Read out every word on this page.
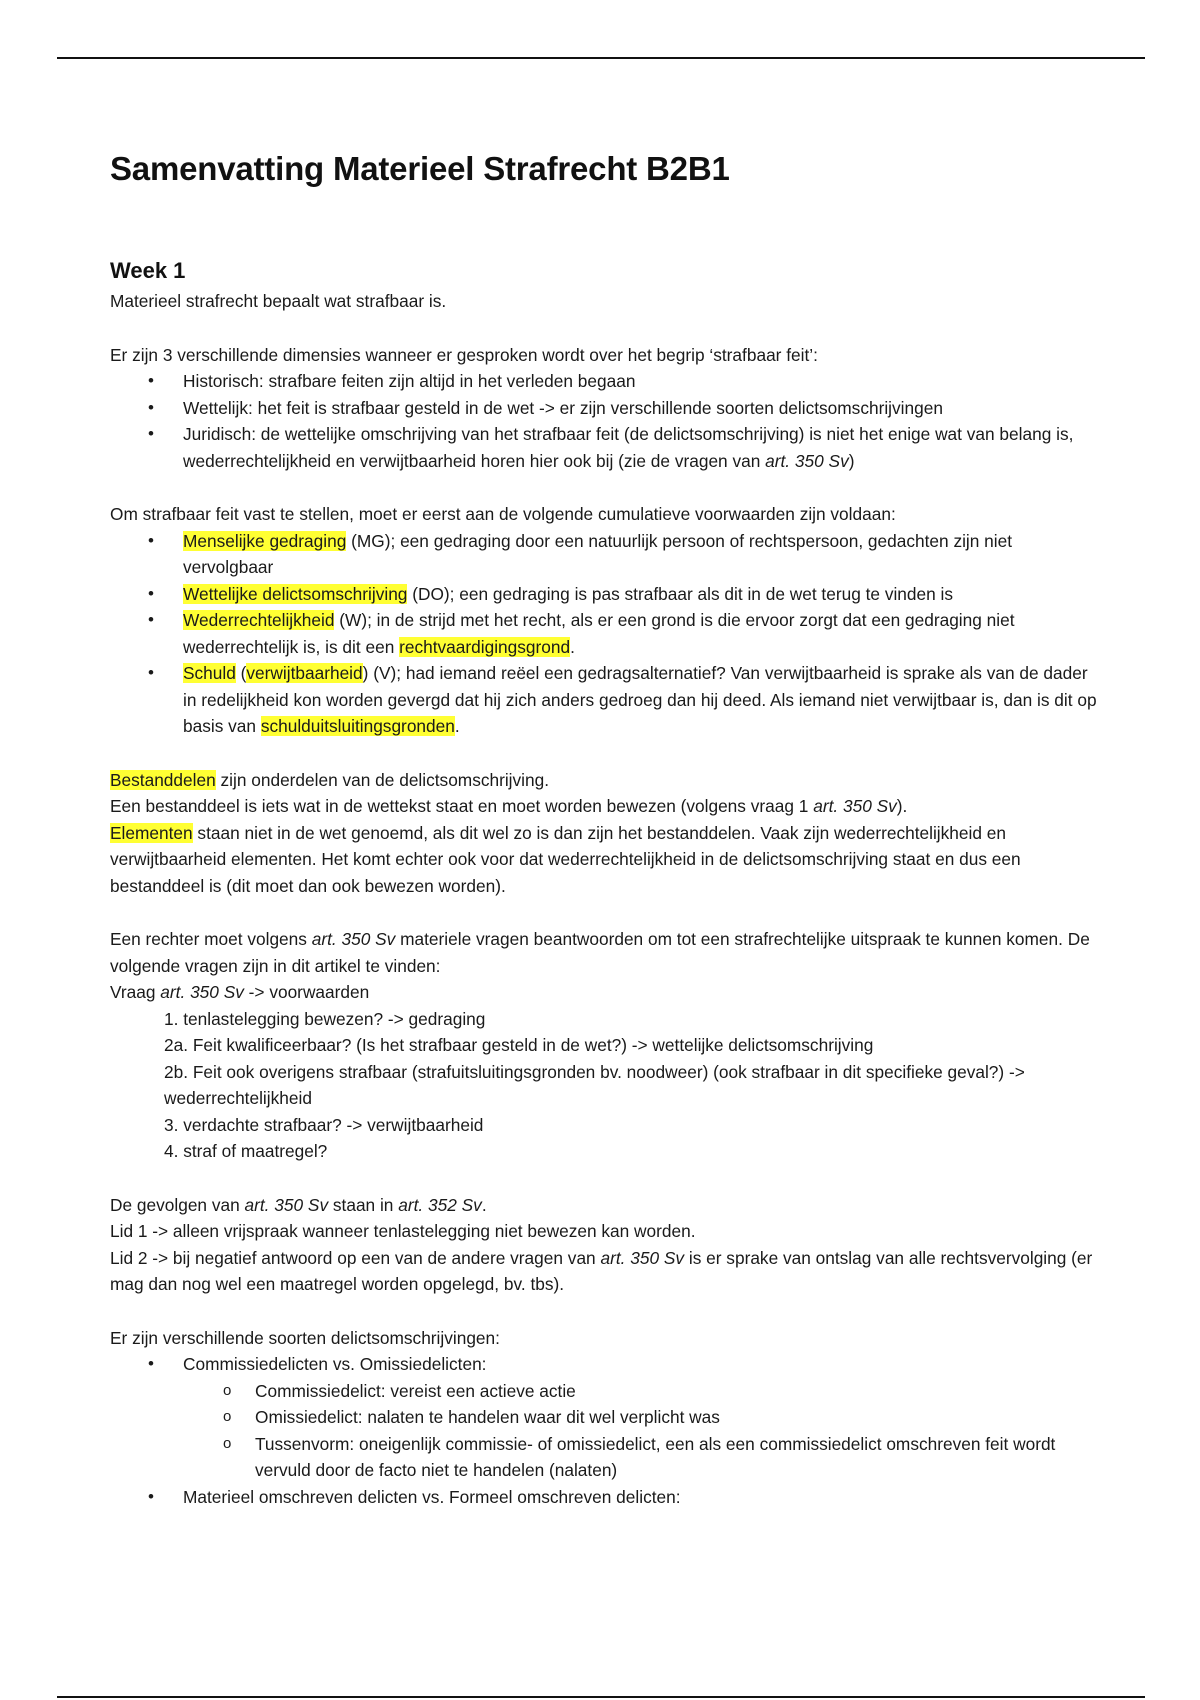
Samenvatting Materieel Strafrecht B2B1
Week 1

Materieel strafrecht bepaalt wat strafbaar is.

Er zijn 3 verschillende dimensies wanneer er gesproken wordt over het begrip ‘strafbaar feit’:

• Historisch: strafbare feiten zijn altijd in het verleden begaan
• Wettelijk: het feit is strafbaar gesteld in de wet -> er zijn verschillende soorten delictsomschrijvingen
• Juridisch: de wettelijke omschrijving van het strafbaar feit (de delictsomschrijving) is niet het enige wat van belang is, wederrechtelijkheid en verwijtbaarheid horen hier ook bij (zie de vragen van art. 350 Sv)

Om strafbaar feit vast te stellen, moet er eerst aan de volgende cumulatieve voorwaarden zijn voldaan:

• Menselijke gedraging (MG); een gedraging door een natuurlijk persoon of rechtspersoon, gedachten zijn niet vervolgbaar
• Wettelijke delictsomschrijving (DO); een gedraging is pas strafbaar als dit in de wet terug te vinden is
• Wederrechtelijkheid (W); in de strijd met het recht, als er een grond is die ervoor zorgt dat een gedraging niet wederrechtelijk is, is dit een rechtvaardigingsgrond.
• Schuld (verwijtbaarheid) (V); had iemand reëel een gedragsalternatief? Van verwijtbaarheid is sprake als van de dader in redelijkheid kon worden gevergd dat hij zich anders gedroeg dan hij deed. Als iemand niet verwijtbaar is, dan is dit op basis van schulduitsluitingsgronden.

Bestanddelen zijn onderdelen van de delictsomschrijving.

Een bestanddeel is iets wat in de wettekst staat en moet worden bewezen (volgens vraag 1 art. 350 Sv).

Elementen staan niet in de wet genoemd, als dit wel zo is dan zijn het bestanddelen. Vaak zijn wederrechtelijkheid en verwijtbaarheid elementen. Het komt echter ook voor dat wederrechtelijkheid in de delictsomschrijving staat en dus een bestanddeel is (dit moet dan ook bewezen worden).

Een rechter moet volgens art. 350 Sv materiele vragen beantwoorden om tot een strafrechtelijke uitspraak te kunnen komen. De volgende vragen zijn in dit artikel te vinden:

Vraag art. 350 Sv -> voorwaarden

1. tenlastelegging bewezen? -> gedraging

2a. Feit kwalificeerbaar? (Is het strafbaar gesteld in de wet?) -> wettelijke delictsomschrijving

2b. Feit ook overigens strafbaar (strafuitsluitingsgronden bv. noodweer) (ook strafbaar in dit specifieke geval?) -> wederrechtelijkheid

3. verdachte strafbaar? -> verwijtbaarheid

4. straf of maatregel?

De gevolgen van art. 350 Sv staan in art. 352 Sv.

Lid 1 -> alleen vrijspraak wanneer tenlastelegging niet bewezen kan worden.

Lid 2 -> bij negatief antwoord op een van de andere vragen van art. 350 Sv is er sprake van ontslag van alle rechtsvervolging (er mag dan nog wel een maatregel worden opgelegd, bv. tbs).

Er zijn verschillende soorten delictsomschrijvingen:

• Commissiedelicten vs. Omissiedelicten:
o Commissiedelict: vereist een actieve actie
o Omissiedelict: nalaten te handelen waar dit wel verplicht was
o Tussenvorm: oneigenlijk commissie- of omissiedelict, een als een commissiedelict omschreven feit wordt vervuld door de facto niet te handelen (nalaten)
• Materieel omschreven delicten vs. Formeel omschreven delicten:
